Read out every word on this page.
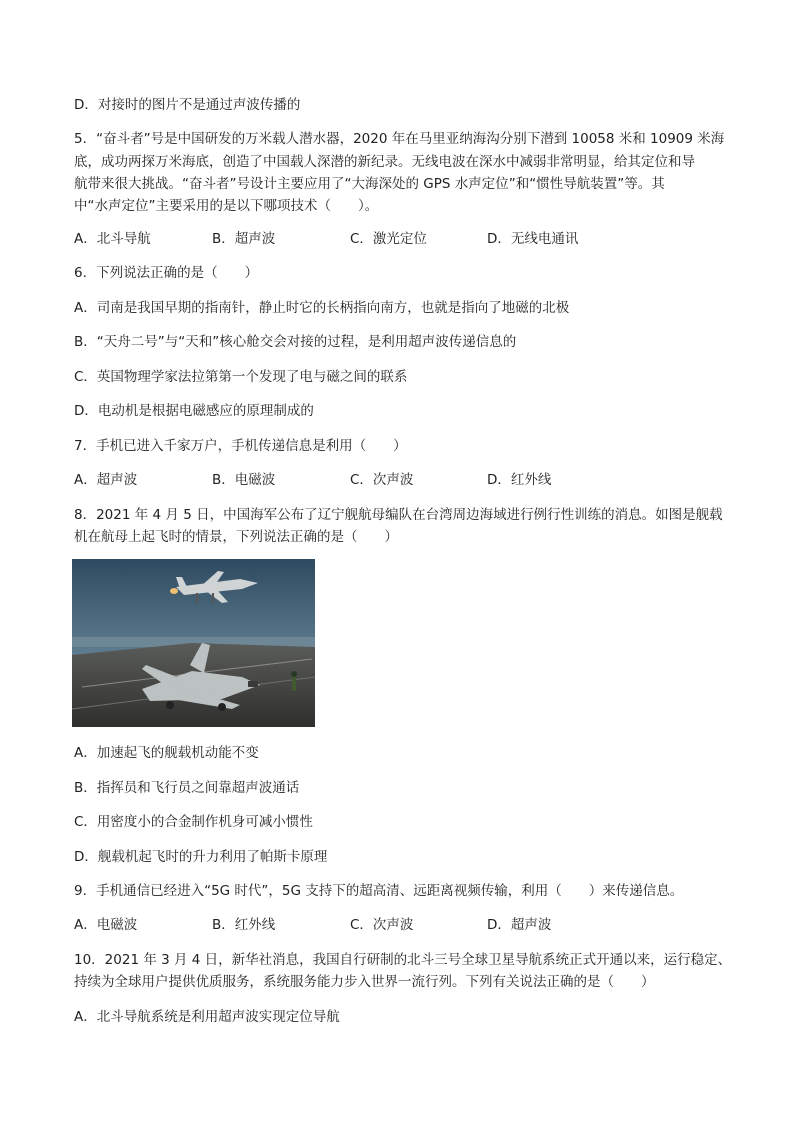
D．对接时的图片不是通过声波传播的
5．“奋斗者”号是中国研发的万米载人潜水器，2020 年在马里亚纳海沟分别下潜到 10058 米和 10909 米海
底，成功两探万米海底，创造了中国载人深潜的新纪录。无线电波在深水中减弱非常明显，给其定位和导
航带来很大挑战。“奋斗者”号设计主要应用了“大海深处的 GPS 水声定位”和“惯性导航装置”等。其
中“水声定位”主要采用的是以下哪项技术（　　）。
A．北斗导航	B．超声波	C．激光定位	D．无线电通讯
6．下列说法正确的是（　　）
A．司南是我国早期的指南针，静止时它的长柄指向南方，也就是指向了地磁的北极
B．“天舟二号”与“天和”核心舱交会对接的过程，是利用超声波传递信息的
C．英国物理学家法拉第第一个发现了电与磁之间的联系
D．电动机是根据电磁感应的原理制成的
7．手机已进入千家万户，手机传递信息是利用（　　）
A．超声波	B．电磁波	C．次声波	D．红外线
8．2021 年 4 月 5 日，中国海军公布了辽宁舰航母编队在台湾周边海域进行例行性训练的消息。如图是舰载
机在航母上起飞时的情景，下列说法正确的是（　　）
A．加速起飞的舰载机动能不变
B．指挥员和飞行员之间靠超声波通话
C．用密度小的合金制作机身可减小惯性
D．舰载机起飞时的升力利用了帕斯卡原理
9．手机通信已经进入“5G 时代”，5G 支持下的超高清、远距离视频传输，利用（　　）来传递信息。
A．电磁波	B．红外线	C．次声波	D．超声波
10．2021 年 3 月 4 日，新华社消息，我国自行研制的北斗三号全球卫星导航系统正式开通以来，运行稳定、
持续为全球用户提供优质服务，系统服务能力步入世界一流行列。下列有关说法正确的是（　　）
A．北斗导航系统是利用超声波实现定位导航
